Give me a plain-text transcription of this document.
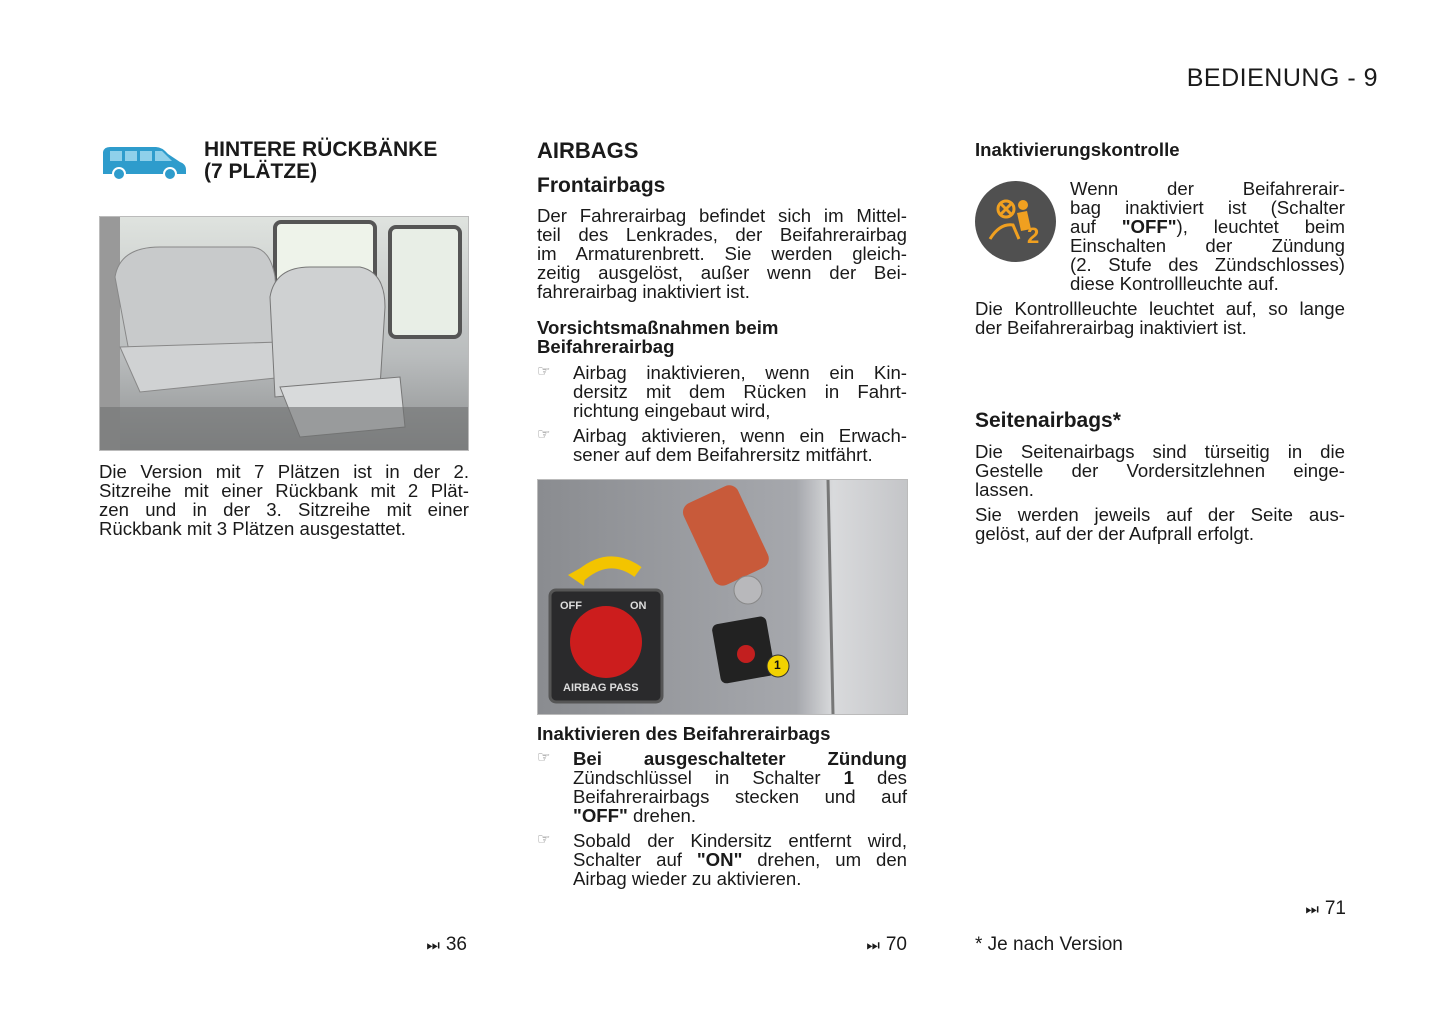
BEDIENUNG - 9
HINTERE RÜCKBÄNKE
(7 PLÄTZE)
Die Version mit 7 Plätzen ist in der 2.
Sitzreihe mit einer Rückbank mit 2 Plät-
zen und in der 3. Sitzreihe mit einer
Rückbank mit 3 Plätzen ausgestattet.
⏭ 36
AIRBAGS
Frontairbags
Der Fahrerairbag befindet sich im Mittel-
teil des Lenkrades, der Beifahrerairbag
im Armaturenbrett. Sie werden gleich-
zeitig ausgelöst, außer wenn der Bei-
fahrerairbag inaktiviert ist.
Vorsichtsmaßnahmen beim
Beifahrerairbag
☞ Airbag inaktivieren, wenn ein Kin-
dersitz mit dem Rücken in Fahrt-
richtung eingebaut wird,
☞ Airbag aktivieren, wenn ein Erwach-
sener auf dem Beifahrersitz mitfährt.
OFF	ON
AIRBAG PASS
1
Inaktivieren des Beifahrerairbags
☞ Bei ausgeschalteter Zündung
Zündschlüssel in Schalter 1 des
Beifahrerairbags stecken und auf
"OFF" drehen.
☞ Sobald der Kindersitz entfernt wird,
Schalter auf "ON" drehen, um den
Airbag wieder zu aktivieren.
⏭ 70
Inaktivierungskontrolle
2
Wenn der Beifahrerair-
bag inaktiviert ist (Schalter
auf "OFF"), leuchtet beim
Einschalten der Zündung
(2. Stufe des Zündschlosses)
diese Kontrollleuchte auf.
Die Kontrollleuchte leuchtet auf, so lange
der Beifahrerairbag inaktiviert ist.
Seitenairbags*
Die Seitenairbags sind türseitig in die
Gestelle der Vordersitzlehnen einge-
lassen.
Sie werden jeweils auf der Seite aus-
gelöst, auf der der Aufprall erfolgt.
⏭ 71
* Je nach Version
